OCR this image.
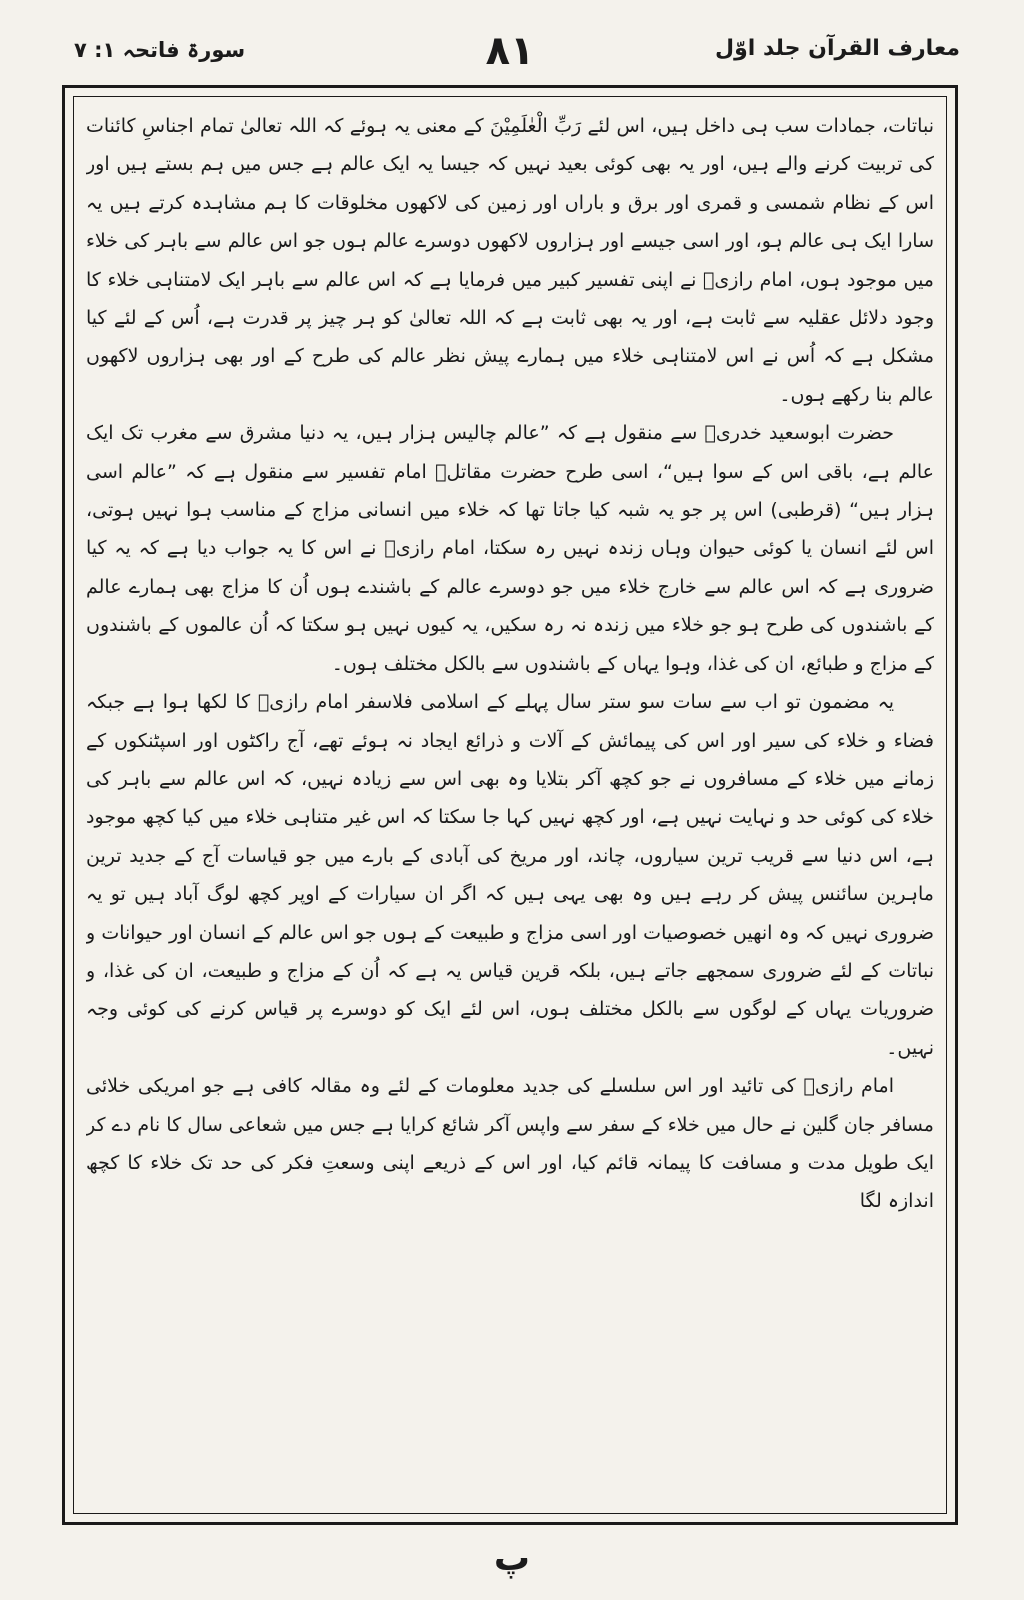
معارف القرآن جلد اوّل
۸۱
سورۃ فاتحہ ۱: ۷

نباتات، جمادات سب ہی داخل ہیں، اس لئے رَبِّ الْعٰلَمِیْنَ کے معنی یہ ہوئے کہ اللہ تعالیٰ تمام اجناسِ کائنات کی تربیت کرنے والے ہیں، اور یہ بھی کوئی بعید نہیں کہ جیسا یہ ایک عالم ہے جس میں ہم بستے ہیں اور اس کے نظام شمسی و قمری اور برق و باراں اور زمین کی لاکھوں مخلوقات کا ہم مشاہدہ کرتے ہیں یہ سارا ایک ہی عالم ہو، اور اسی جیسے اور ہزاروں لاکھوں دوسرے عالم ہوں جو اس عالم سے باہر کی خلاء میں موجود ہوں، امام رازیؒ نے اپنی تفسیر کبیر میں فرمایا ہے کہ اس عالم سے باہر ایک لامتناہی خلاء کا وجود دلائل عقلیہ سے ثابت ہے، اور یہ بھی ثابت ہے کہ اللہ تعالیٰ کو ہر چیز پر قدرت ہے، اُس کے لئے کیا مشکل ہے کہ اُس نے اس لامتناہی خلاء میں ہمارے پیش نظر عالم کی طرح کے اور بھی ہزاروں لاکھوں عالم بنا رکھے ہوں۔

حضرت ابوسعید خدریؓ سے منقول ہے کہ ”عالم چالیس ہزار ہیں، یہ دنیا مشرق سے مغرب تک ایک عالم ہے، باقی اس کے سوا ہیں“، اسی طرح حضرت مقاتلؒ امام تفسیر سے منقول ہے کہ ”عالم اسی ہزار ہیں“ (قرطبی) اس پر جو یہ شبہ کیا جاتا تھا کہ خلاء میں انسانی مزاج کے مناسب ہوا نہیں ہوتی، اس لئے انسان یا کوئی حیوان وہاں زندہ نہیں رہ سکتا، امام رازیؒ نے اس کا یہ جواب دیا ہے کہ یہ کیا ضروری ہے کہ اس عالم سے خارج خلاء میں جو دوسرے عالم کے باشندے ہوں اُن کا مزاج بھی ہمارے عالم کے باشندوں کی طرح ہو جو خلاء میں زندہ نہ رہ سکیں، یہ کیوں نہیں ہو سکتا کہ اُن عالموں کے باشندوں کے مزاج و طبائع، ان کی غذا، وہوا یہاں کے باشندوں سے بالکل مختلف ہوں۔

یہ مضمون تو اب سے سات سو ستر سال پہلے کے اسلامی فلاسفر امام رازیؒ کا لکھا ہوا ہے جبکہ فضاء و خلاء کی سیر اور اس کی پیمائش کے آلات و ذرائع ایجاد نہ ہوئے تھے، آج راکٹوں اور اسپٹنکوں کے زمانے میں خلاء کے مسافروں نے جو کچھ آکر بتلایا وہ بھی اس سے زیادہ نہیں، کہ اس عالم سے باہر کی خلاء کی کوئی حد و نہایت نہیں ہے، اور کچھ نہیں کہا جا سکتا کہ اس غیر متناہی خلاء میں کیا کچھ موجود ہے، اس دنیا سے قریب ترین سیاروں، چاند، اور مریخ کی آبادی کے بارے میں جو قیاسات آج کے جدید ترین ماہرین سائنس پیش کر رہے ہیں وہ بھی یہی ہیں کہ اگر ان سیارات کے اوپر کچھ لوگ آباد ہیں تو یہ ضروری نہیں کہ وہ انھیں خصوصیات اور اسی مزاج و طبیعت کے ہوں جو اس عالم کے انسان اور حیوانات و نباتات کے لئے ضروری سمجھے جاتے ہیں، بلکہ قرین قیاس یہ ہے کہ اُن کے مزاج و طبیعت، ان کی غذا، و ضروریات یہاں کے لوگوں سے بالکل مختلف ہوں، اس لئے ایک کو دوسرے پر قیاس کرنے کی کوئی وجہ نہیں۔

امام رازیؒ کی تائید اور اس سلسلے کی جدید معلومات کے لئے وہ مقالہ کافی ہے جو امریکی خلائی مسافر جان گلین نے حال میں خلاء کے سفر سے واپس آکر شائع کرایا ہے جس میں شعاعی سال کا نام دے کر ایک طویل مدت و مسافت کا پیمانہ قائم کیا، اور اس کے ذریعے اپنی وسعتِ فکر کی حد تک خلاء کا کچھ اندازہ لگا

پ
